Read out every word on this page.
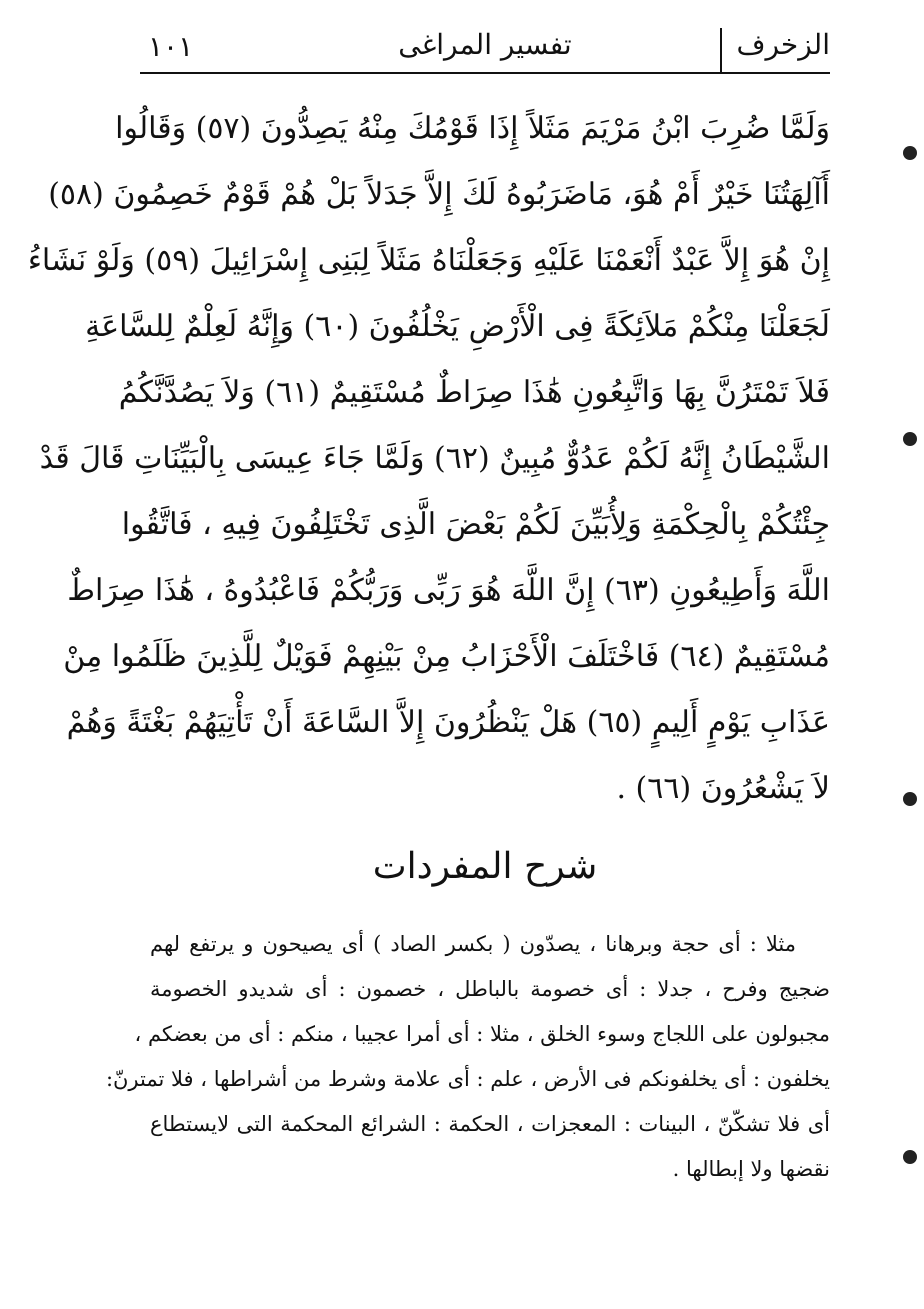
١٠١	تفسير المراغى	الزخرف
وَلَمَّا ضُرِبَ ابْنُ مَرْيَمَ مَثَلاً إِذَا قَوْمُكَ مِنْهُ يَصِدُّونَ (٥٧) وَقَالُوا
أَآلِهَتُنَا خَيْرٌ أَمْ هُوَ، مَاضَرَبُوهُ لَكَ إِلاَّ جَدَلاً بَلْ هُمْ قَوْمٌ خَصِمُونَ (٥٨)
إِنْ هُوَ إِلاَّ عَبْدٌ أَنْعَمْنَا عَلَيْهِ وَجَعَلْنَاهُ مَثَلاً لِبَنِى إِسْرَائِيلَ (٥٩) وَلَوْ نَشَاءُ
لَجَعَلْنَا مِنْكُمْ مَلاَئِكَةً فِى الْأَرْضِ يَخْلُفُونَ (٦٠) وَإِنَّهُ لَعِلْمٌ لِلسَّاعَةِ
فَلاَ تَمْتَرُنَّ بِهَا وَاتَّبِعُونِ هَٰذَا صِرَاطٌ مُسْتَقِيمٌ (٦١) وَلاَ يَصُدَّنَّكُمُ
الشَّيْطَانُ إِنَّهُ لَكُمْ عَدُوٌّ مُبِينٌ (٦٢) وَلَمَّا جَاءَ عِيسَى بِالْبَيِّنَاتِ قَالَ قَدْ
جِئْتُكُمْ بِالْحِكْمَةِ وَلِأُبَيِّنَ لَكُمْ بَعْضَ الَّذِى تَخْتَلِفُونَ فِيهِ ، فَاتَّقُوا
اللَّهَ وَأَطِيعُونِ (٦٣) إِنَّ اللَّهَ هُوَ رَبِّى وَرَبُّكُمْ فَاعْبُدُوهُ ، هَٰذَا صِرَاطٌ
مُسْتَقِيمٌ (٦٤) فَاخْتَلَفَ الْأَحْزَابُ مِنْ بَيْنِهِمْ فَوَيْلٌ لِلَّذِينَ ظَلَمُوا مِنْ
عَذَابِ يَوْمٍ أَلِيمٍ (٦٥) هَلْ يَنْظُرُونَ إِلاَّ السَّاعَةَ أَنْ تَأْتِيَهُمْ بَغْتَةً وَهُمْ
لاَ يَشْعُرُونَ (٦٦) .
شرح المفردات
مثلا : أى حجة وبرهانا ، يصدّون ( بكسر الصاد ) أى يصيحون و يرتفع لهم
ضجيج وفرح ، جدلا : أى خصومة بالباطل ، خصمون : أى شديدو الخصومة
مجبولون على اللجاج وسوء الخلق ، مثلا : أى أمرا عجيبا ، منكم : أى من بعضكم ،
يخلفون : أى يخلفونكم فى الأرض ، علم : أى علامة وشرط من أشراطها ، فلا تمترنّ:
أى فلا تشكّنّ ، البينات : المعجزات ، الحكمة : الشرائع المحكمة التى لايستطاع
نقضها ولا إبطالها .
